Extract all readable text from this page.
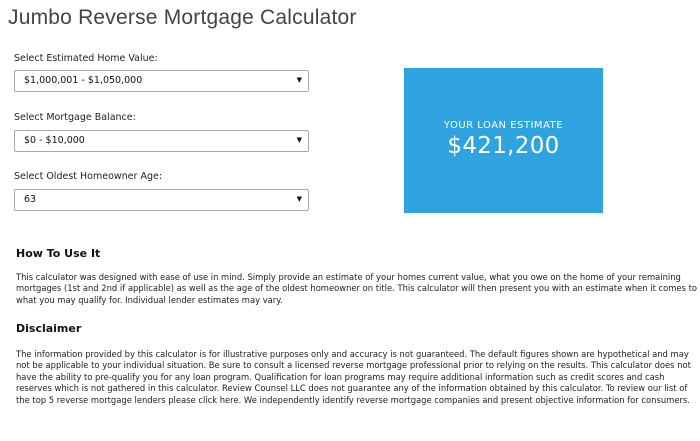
Jumbo Reverse Mortgage Calculator
Select Estimated Home Value:
$1,000,001 - $1,050,000	▼
Select Mortgage Balance:
$0 - $10,000	▼
Select Oldest Homeowner Age:
63	▼
YOUR LOAN ESTIMATE
$421,200
How To Use It

This calculator was designed with ease of use in mind. Simply provide an estimate of your homes current value, what you owe on the home of your remaining mortgages (1st and 2nd if applicable) as well as the age of the oldest homeowner on title. This calculator will then present you with an estimate when it comes to what you may qualify for. Individual lender estimates may vary.

Disclaimer

The information provided by this calculator is for illustrative purposes only and accuracy is not guaranteed. The default figures shown are hypothetical and may not be applicable to your individual situation. Be sure to consult a licensed reverse mortgage professional prior to relying on the results. This calculator does not have the ability to pre-qualify you for any loan program. Qualification for loan programs may require additional information such as credit scores and cash reserves which is not gathered in this calculator. Review Counsel LLC does not guarantee any of the information obtained by this calculator. To review our list of the top 5 reverse mortgage lenders please click here. We independently identify reverse mortgage companies and present objective information for consumers.
